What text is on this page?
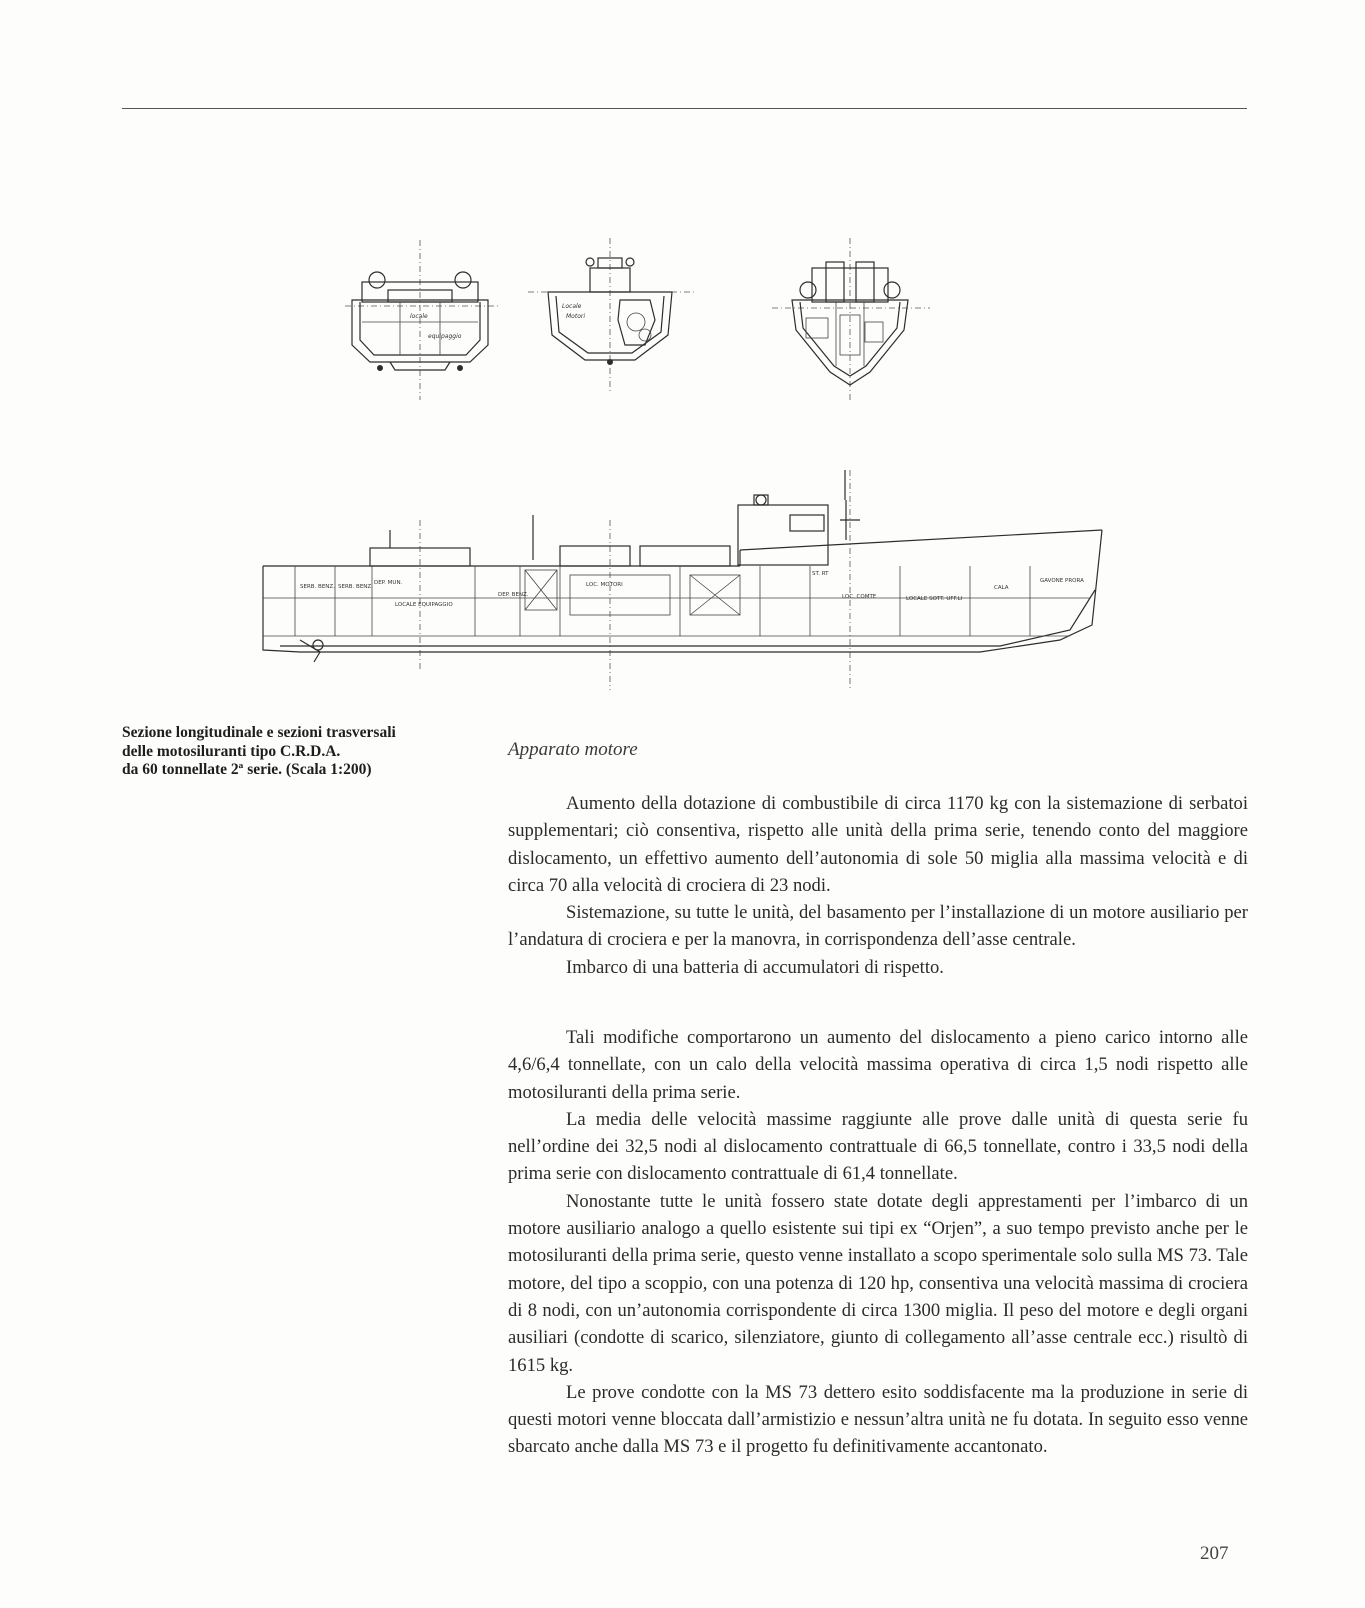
locale
equipaggio
Locale
Motori
SERB. BENZ. SERB. BENZ.
DEP. MUN.
LOCALE EQUIPAGGIO
DEP. BENZ.
LOC. MOTORI
ST. RT
LOC. COMTE	LOCALE SOTT. UFF.LI
CALA
GAVONE PRORA
Sezione longitudinale e sezioni trasversali
delle motosiluranti tipo C.R.D.A.
da 60 tonnellate 2ª serie. (Scala 1:200)
Apparato motore

Aumento della dotazione di combustibile di circa 1170 kg con la sistemazione di serbatoi supplementari; ciò consentiva, rispetto alle unità della prima serie, tenendo conto del maggiore dislocamento, un effettivo aumento dell’autonomia di sole 50 miglia alla massima velocità e di circa 70 alla velocità di crociera di 23 nodi.

Sistemazione, su tutte le unità, del basamento per l’installazione di un motore ausiliario per l’andatura di crociera e per la manovra, in corrispondenza dell’asse centrale.

Imbarco di una batteria di accumulatori di rispetto.

Tali modifiche comportarono un aumento del dislocamento a pieno carico intorno alle 4,6/6,4 tonnellate, con un calo della velocità massima operativa di circa 1,5 nodi rispetto alle motosiluranti della prima serie.

La media delle velocità massime raggiunte alle prove dalle unità di questa serie fu nell’ordine dei 32,5 nodi al dislocamento contrattuale di 66,5 tonnellate, contro i 33,5 nodi della prima serie con dislocamento contrattuale di 61,4 tonnellate.

Nonostante tutte le unità fossero state dotate degli apprestamenti per l’imbarco di un motore ausiliario analogo a quello esistente sui tipi ex “Orjen”, a suo tempo previsto anche per le motosiluranti della prima serie, questo venne installato a scopo sperimentale solo sulla MS 73. Tale motore, del tipo a scoppio, con una potenza di 120 hp, consentiva una velocità massima di crociera di 8 nodi, con un’autonomia corrispondente di circa 1300 miglia. Il peso del motore e degli organi ausiliari (condotte di scarico, silenziatore, giunto di collegamento all’asse centrale ecc.) risultò di 1615 kg.

Le prove condotte con la MS 73 dettero esito soddisfacente ma la produzione in serie di questi motori venne bloccata dall’armistizio e nessun’altra unità ne fu dotata. In seguito esso venne sbarcato anche dalla MS 73 e il progetto fu definitivamente accantonato.

207
